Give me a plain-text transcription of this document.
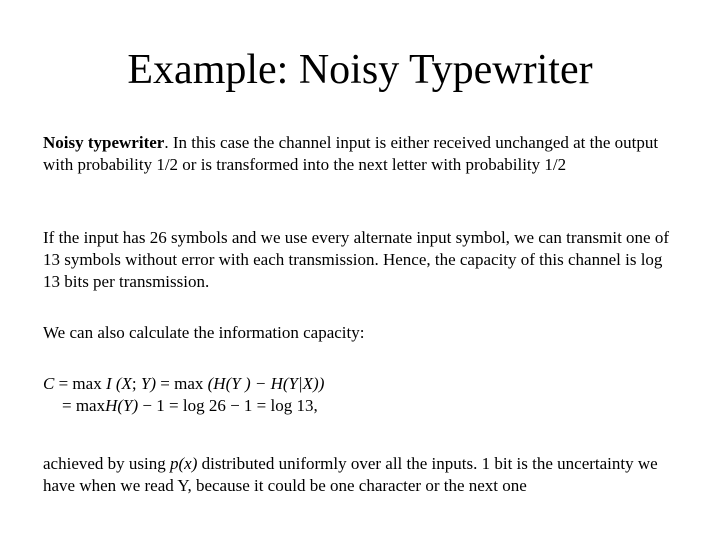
Example: Noisy Typewriter
Noisy typewriter. In this case the channel input is either received unchanged at the output with probability 1/2 or is transformed into the next letter with probability 1/2
If the input has 26 symbols and we use every alternate input symbol, we can transmit one of 13 symbols without error with each transmission. Hence, the capacity of this channel is log 13 bits per transmission.
We can also calculate the information capacity:
C = max I (X; Y) = max (H(Y ) − H(Y|X))
= maxH(Y) − 1 = log 26 − 1 = log 13,
achieved by using p(x) distributed uniformly over all the inputs. 1 bit is the uncertainty we have when we read Y, because it could be one character or the next one
